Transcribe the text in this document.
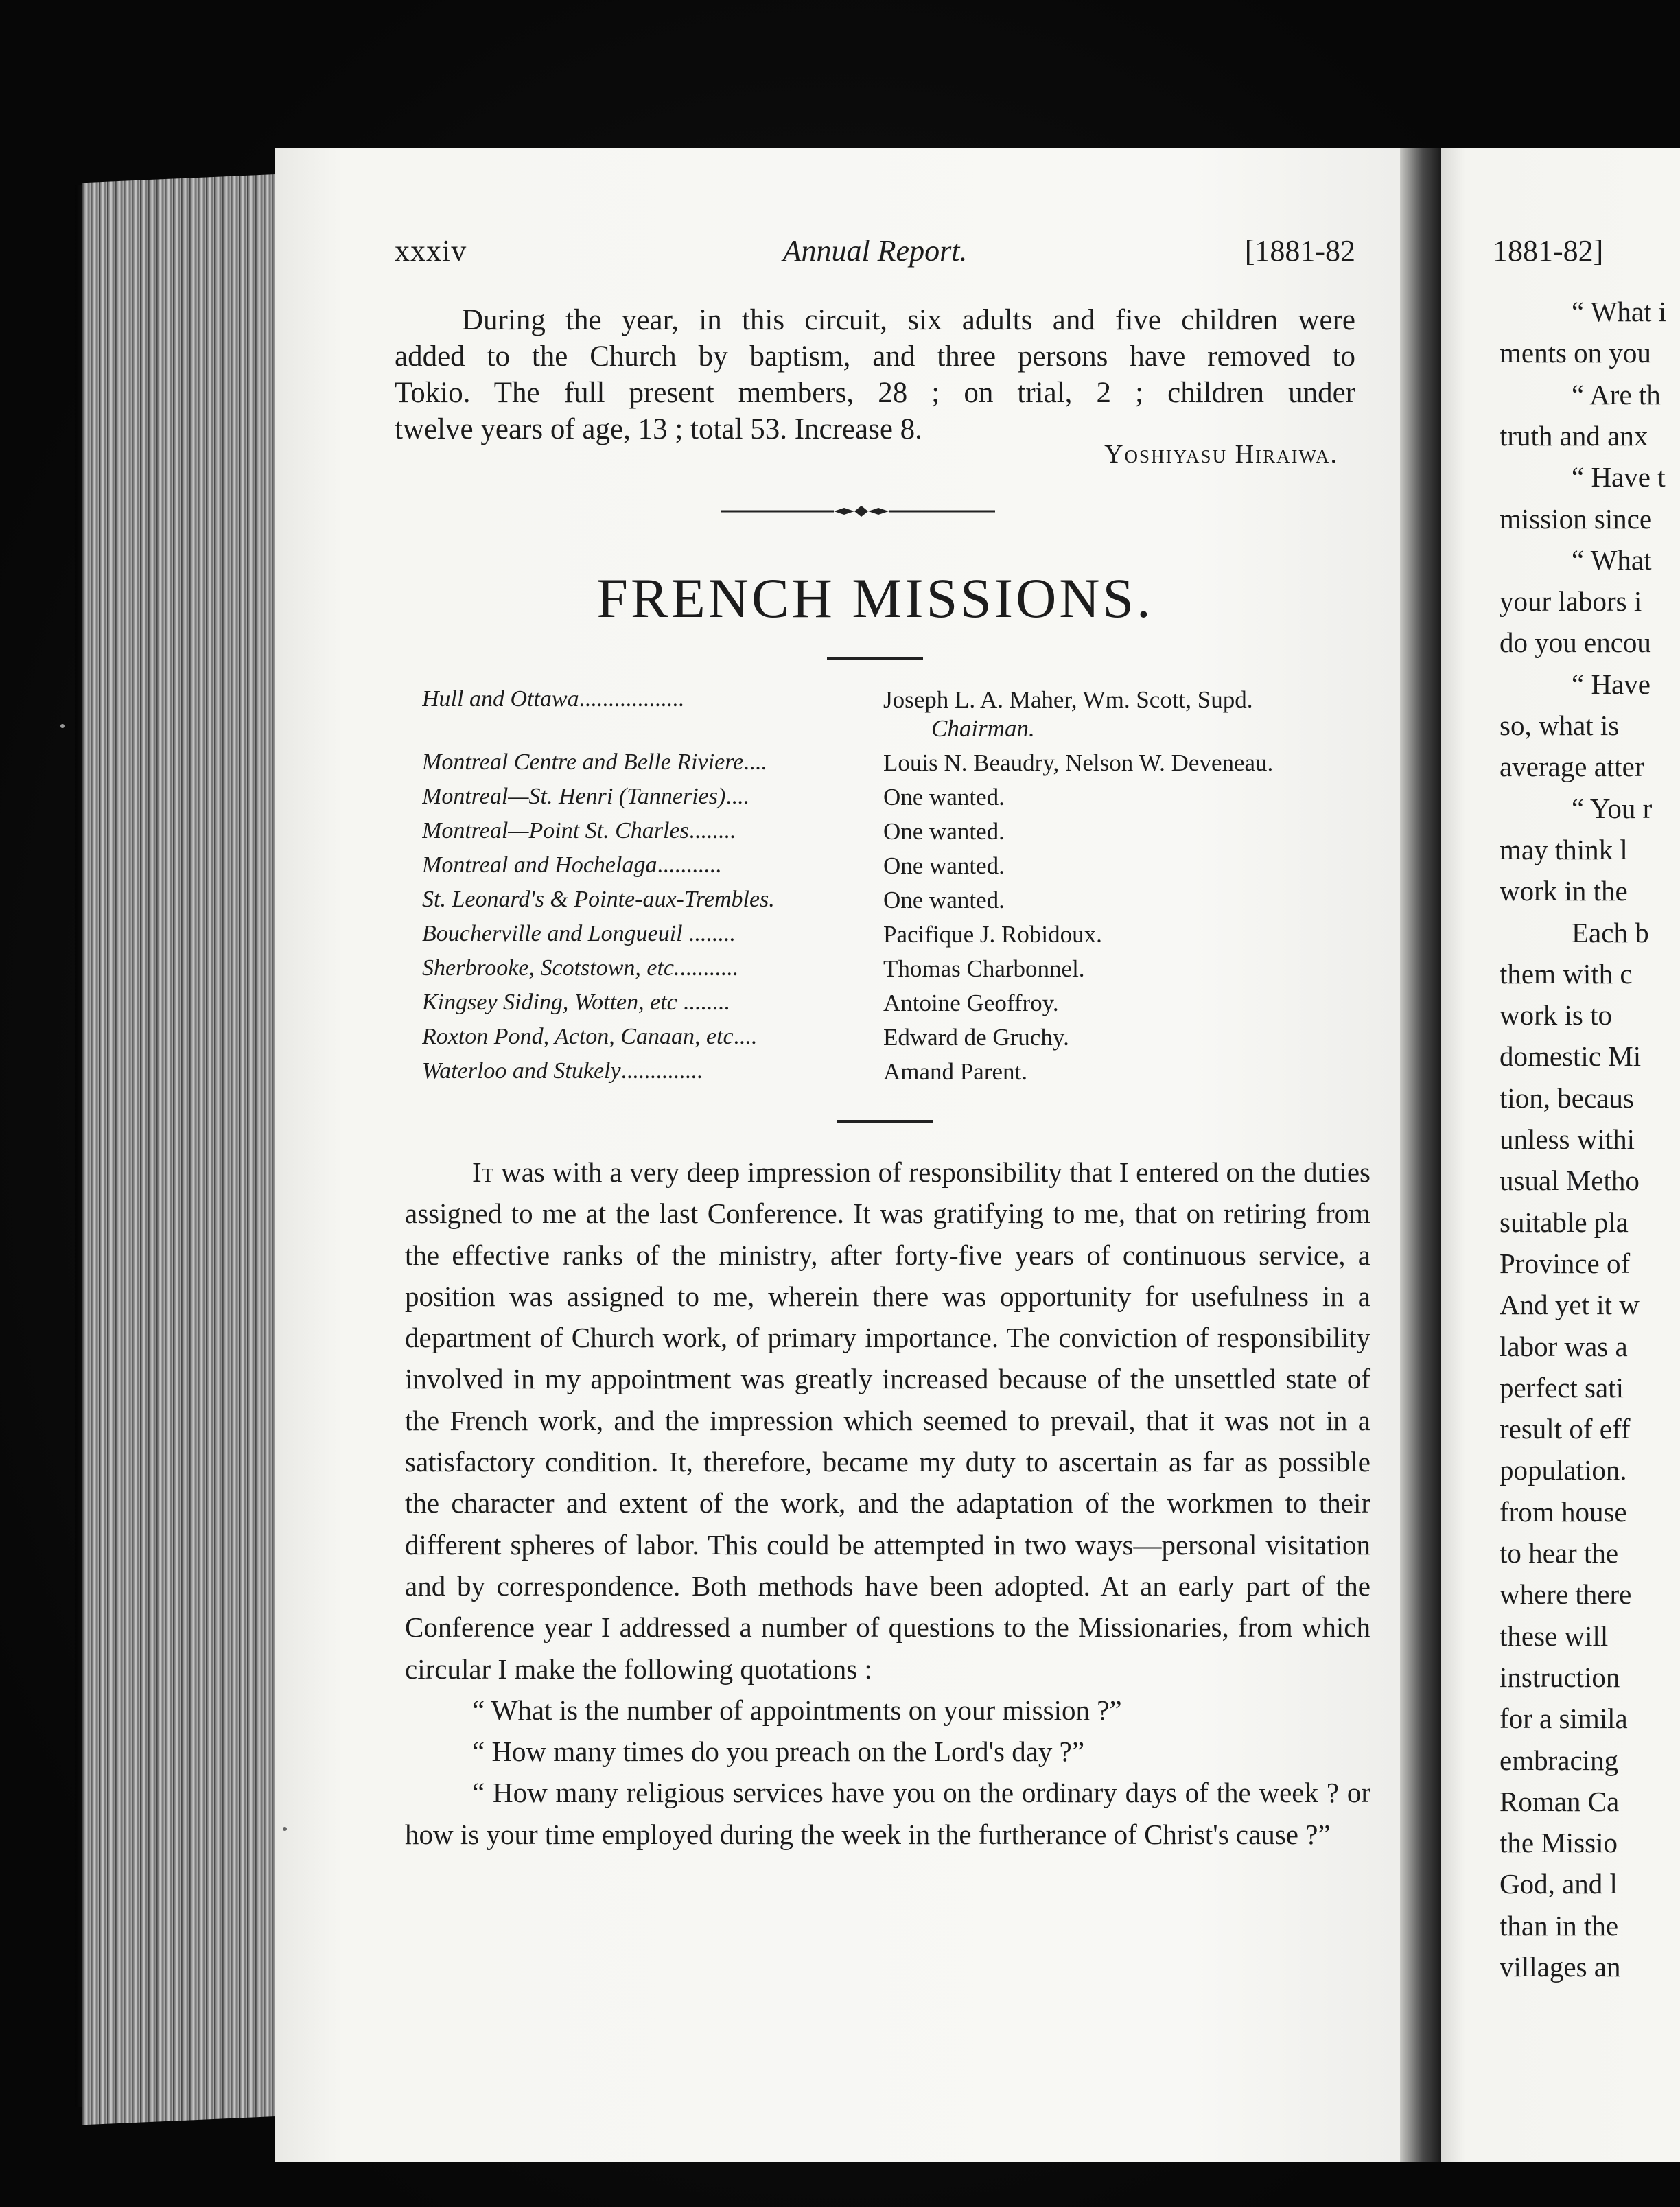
xxxiv	Annual Report.	[1881-82
During the year, in this circuit, six adults and five children were
added to the Church by baptism, and three persons have removed to
Tokio. The full present members, 28 ; on trial, 2 ; children under
twelve years of age, 13 ; total 53. Increase 8.
Yoshiyasu Hiraiwa.
FRENCH MISSIONS.
Hull and Ottawa..................	Joseph L. A. Maher, Wm. Scott, Supd.
Chairman.
Montreal Centre and Belle Riviere....	Louis N. Beaudry, Nelson W. Deveneau.
Montreal—St. Henri (Tanneries)....	One wanted.
Montreal—Point St. Charles........	One wanted.
Montreal and Hochelaga...........	One wanted.
St. Leonard's & Pointe-aux-Trembles.	One wanted.
Boucherville and Longueuil ........	Pacifique J. Robidoux.
Sherbrooke, Scotstown, etc...........	Thomas Charbonnel.
Kingsey Siding, Wotten, etc ........	Antoine Geoffroy.
Roxton Pond, Acton, Canaan, etc....	Edward de Gruchy.
Waterloo and Stukely..............	Amand Parent.

It was with a very deep impression of responsibility that I entered on the duties assigned to me at the last Conference. It was gratifying to me, that on retiring from the effective ranks of the ministry, after forty-five years of continuous service, a position was assigned to me, wherein there was opportunity for usefulness in a department of Church work, of primary importance. The conviction of responsibility involved in my appointment was greatly increased because of the unsettled state of the French work, and the impression which seemed to prevail, that it was not in a satisfactory condition. It, therefore, became my duty to ascertain as far as possible the character and extent of the work, and the adaptation of the workmen to their different spheres of labor. This could be attempted in two ways—personal visitation and by correspondence. Both methods have been adopted. At an early part of the Conference year I addressed a number of questions to the Missionaries, from which circular I make the following quotations :

“ What is the number of appointments on your mission ?”

“ How many times do you preach on the Lord's day ?”

“ How many religious services have you on the ordinary days of the week ? or how is your time employed during the week in the furtherance of Christ's cause ?”

1881-82]
“ What i
ments on you
“ Are th
truth and anx
“ Have t
mission since
“ What
your labors i
do you encou
“ Have
so, what is
average atter
“ You r
may think l
work in the
Each b
them with c
work is to
domestic Mi
tion, becaus
unless withi
usual Metho
suitable pla
Province of
And yet it w
labor was a
perfect sati
result of eff
population.
from house
to hear the
where there
these will
instruction
for a simila
embracing
Roman Ca
the Missio
God, and l
than in the
villages an
